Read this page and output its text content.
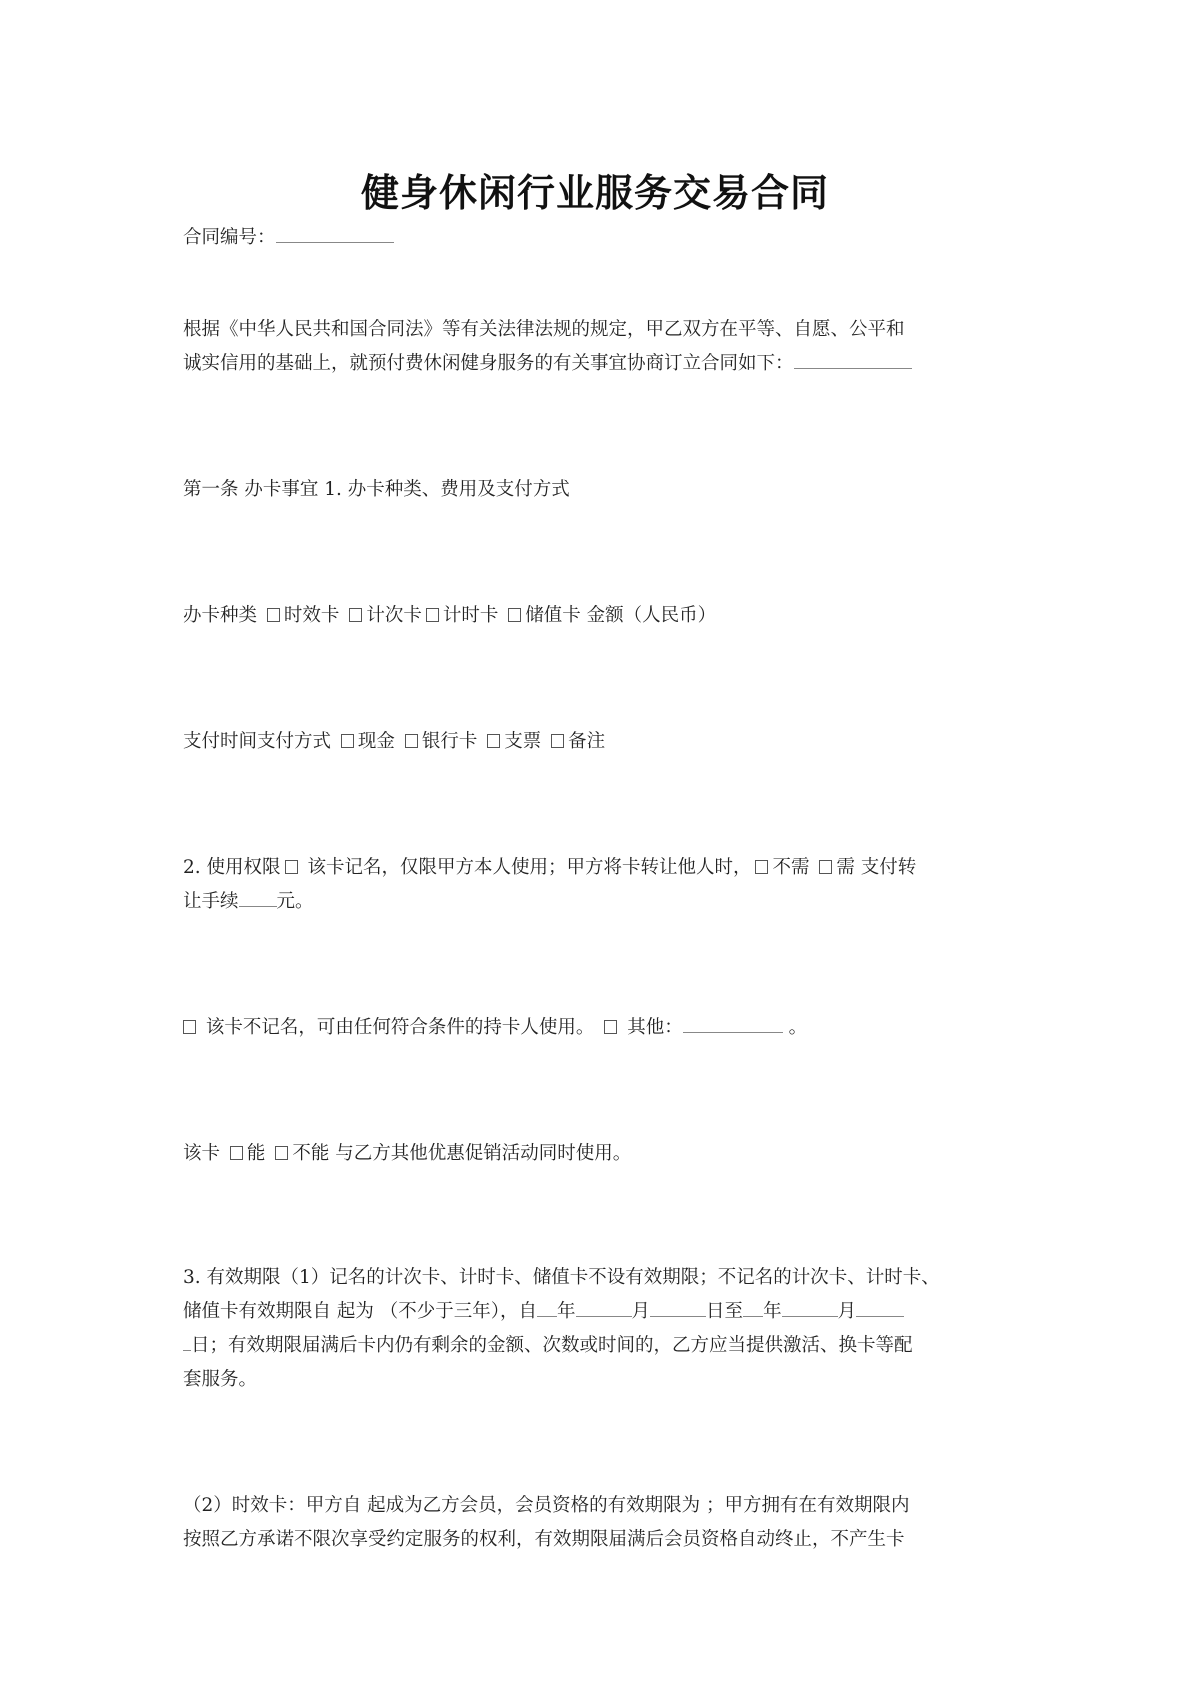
健身休闲行业服务交易合同
合同编号：
根据《中华人民共和国合同法》等有关法律法规的规定，甲乙双方在平等、自愿、公平和
诚实信用的基础上，就预付费休闲健身服务的有关事宜协商订立合同如下：
第一条 办卡事宜 1. 办卡种类、费用及支付方式
办卡种类 时效卡 计次卡 计时卡 储值卡 金额（人民币）
支付时间支付方式 现金 银行卡 支票 备注
2. 使用权限 该卡记名，仅限甲方本人使用；甲方将卡转让他人时， 不需 需 支付转
让手续 元。
该卡不记名，可由任何符合条件的持卡人使用。 其他：	。
该卡 能 不能 与乙方其他优惠促销活动同时使用。
3. 有效期限（1）记名的计次卡、计时卡、储值卡不设有效期限；不记名的计次卡、计时卡、
储值卡有效期限自 起为 （不少于三年），自 年	月	日至 年	月
日；有效期限届满后卡内仍有剩余的金额、次数或时间的，乙方应当提供激活、换卡等配
套服务。
（2）时效卡：甲方自 起成为乙方会员，会员资格的有效期限为 ；甲方拥有在有效期限内
按照乙方承诺不限次享受约定服务的权利，有效期限届满后会员资格自动终止，不产生卡
